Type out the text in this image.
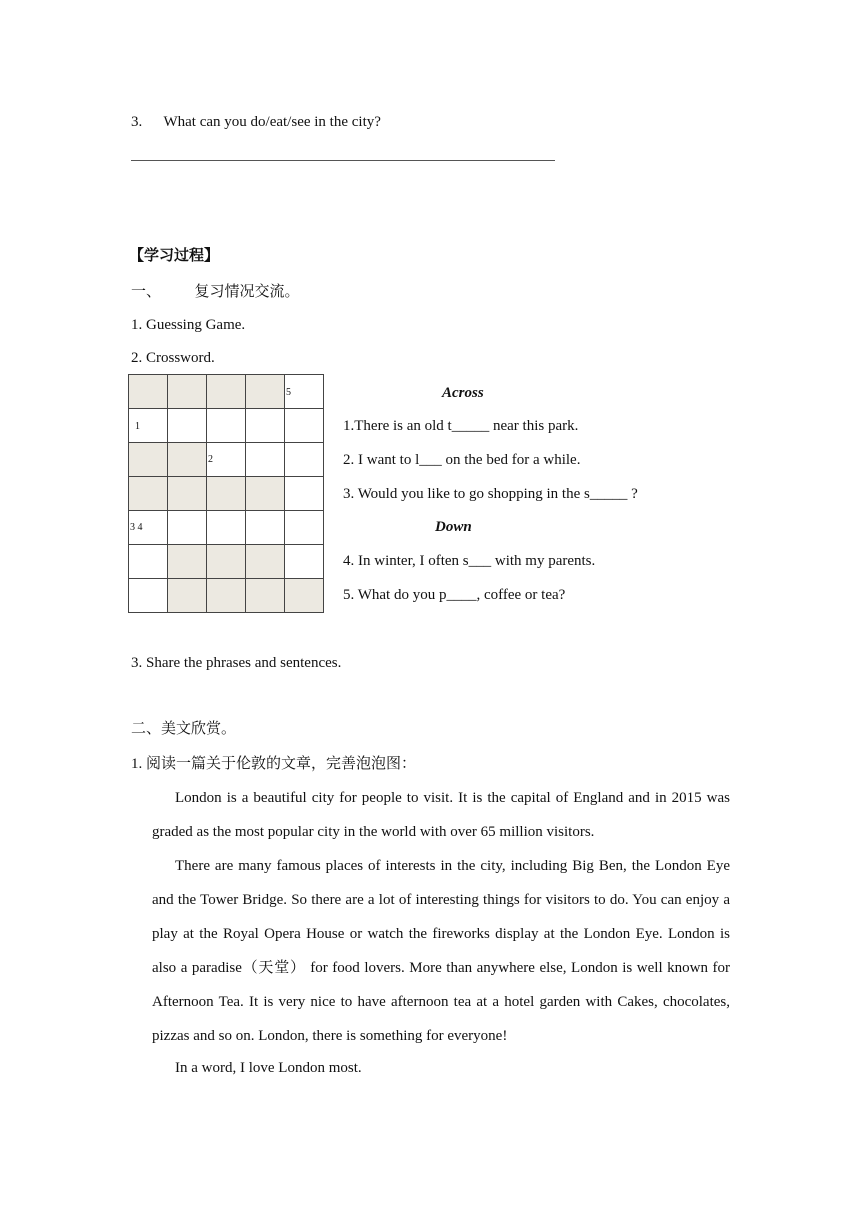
3. What can you do/eat/see in the city?
【学习过程】
一、 复习情况交流。
1. Guessing Game.
2. Crossword.

				5

1				

		2		

3 4				

Across
1.There is an old t_____ near this park.
2. I want to l___ on the bed for a while.
3. Would you like to go shopping in the s_____ ?
Down
4. In winter, I often s___ with my parents.
5. What do you p____, coffee or tea?
3. Share the phrases and sentences.
二、美文欣赏。
1. 阅读一篇关于伦敦的文章，完善泡泡图：
London is a beautiful city for people to visit. It is the capital of England and in 2015 was
graded as the most popular city in the world with over 65 million visitors.
There are many famous places of interests in the city, including Big Ben, the London Eye
and the Tower Bridge. So there are a lot of interesting things for visitors to do. You can enjoy a
play at the Royal Opera House or watch the fireworks display at the London Eye. London is
also a paradise（天堂） for food lovers. More than anywhere else, London is well known for
Afternoon Tea. It is very nice to have afternoon tea at a hotel garden with Cakes, chocolates,
pizzas and so on. London, there is something for everyone!
In a word, I love London most.
